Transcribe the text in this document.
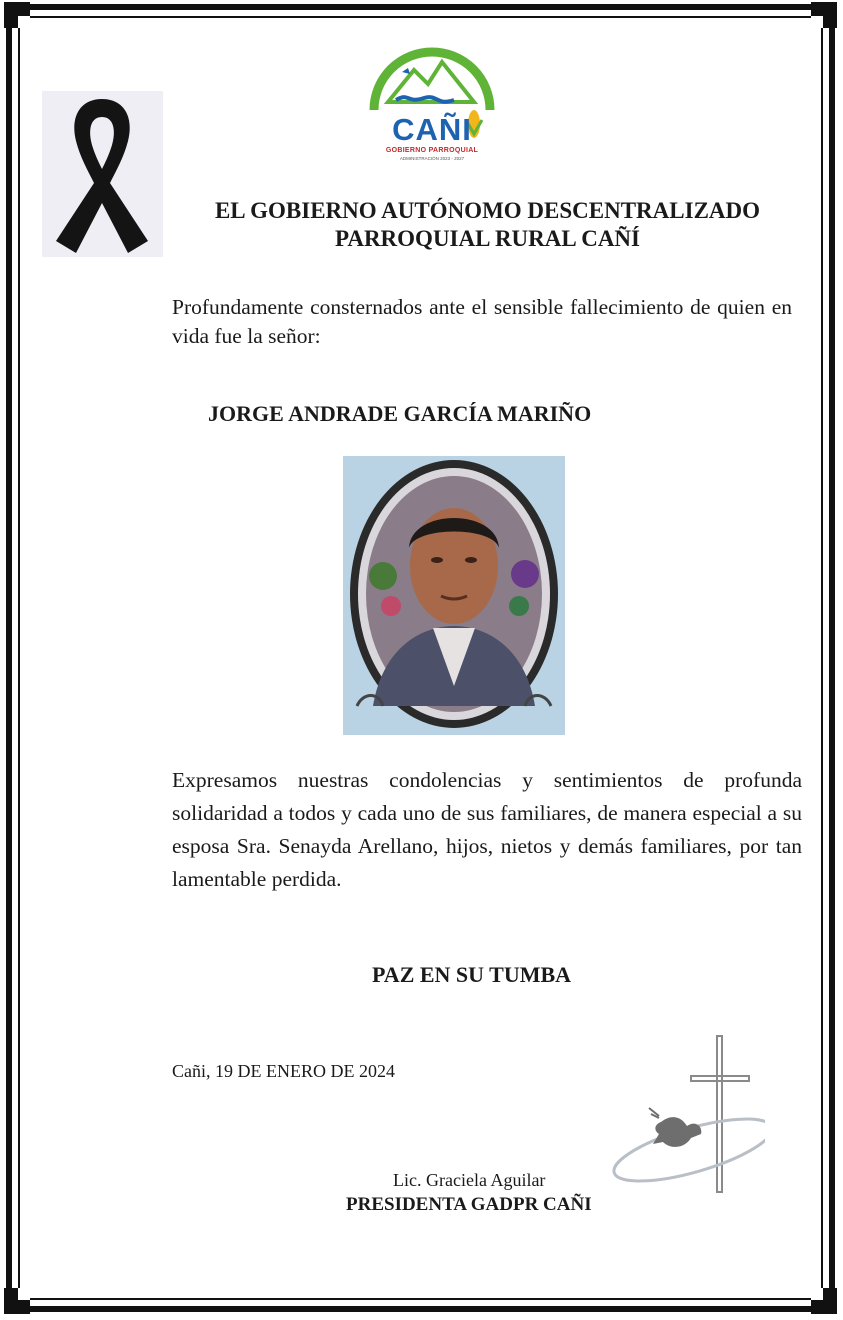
CAÑI
GOBIERNO PARROQUIAL
ADMINISTRACIÓN 2023 - 2027
EL GOBIERNO AUTÓNOMO DESCENTRALIZADO
PARROQUIAL RURAL CAÑÍ
Profundamente consternados ante el sensible fallecimiento de quien en vida fue la señor:
JORGE ANDRADE GARCÍA MARIÑO
Expresamos nuestras condolencias y sentimientos de profunda solidaridad a todos y cada uno de sus familiares, de manera especial a su esposa Sra. Senayda Arellano, hijos, nietos y demás familiares, por tan lamentable perdida.
PAZ EN SU TUMBA
Cañi, 19 DE ENERO DE 2024
Lic. Graciela Aguilar
PRESIDENTA GADPR CAÑI
